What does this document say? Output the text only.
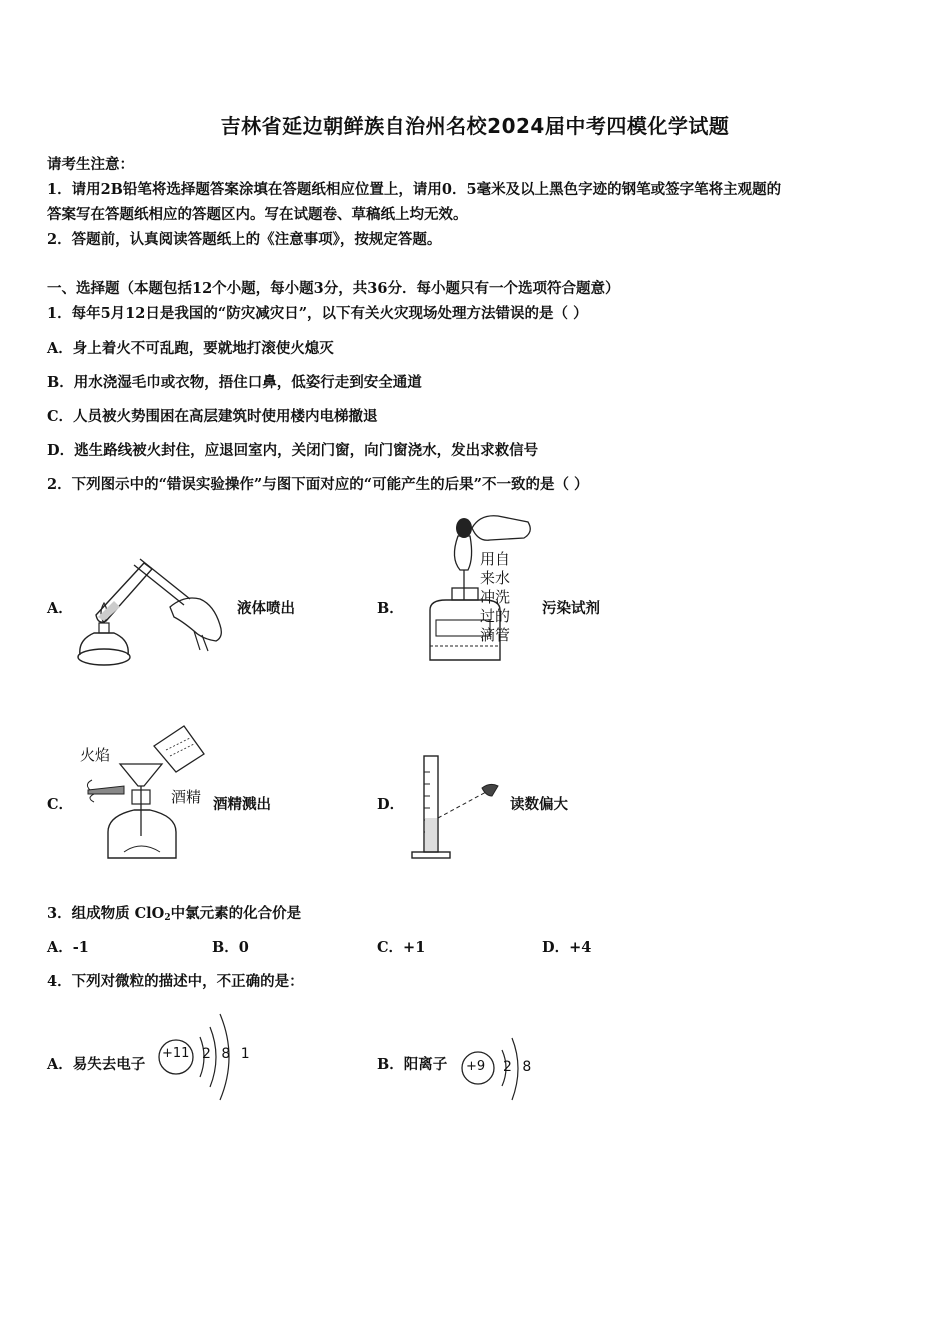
吉林省延边朝鲜族自治州名校2024届中考四模化学试题
请考生注意：
1．请用2B铅笔将选择题答案涂填在答题纸相应位置上，请用0．5毫米及以上黑色字迹的钢笔或签字笔将主观题的
答案写在答题纸相应的答题区内。写在试题卷、草稿纸上均无效。
2．答题前，认真阅读答题纸上的《注意事项》，按规定答题。
一、选择题（本题包括12个小题，每小题3分，共36分．每小题只有一个选项符合题意）
1．每年5月12日是我国的“防灾减灾日”，以下有关火灾现场处理方法错误的是（ ）
A．身上着火不可乱跑，要就地打滚使火熄灭
B．用水浇湿毛巾或衣物，捂住口鼻，低姿行走到安全通道
C．人员被火势围困在高层建筑时使用楼内电梯撤退
D．逃生路线被火封住，应退回室内，关闭门窗，向门窗浇水，发出求救信号
2．下列图示中的“错误实验操作”与图下面对应的“可能产生的后果”不一致的是（ ）
A．	液体喷出	B．
用自
来水
冲洗
过的
滴管
污染试剂
C．
火焰
酒精 酒精溅出	D．	读数偏大
3．组成物质 ClO$_2$中氯元素的化合价是
A．-1	B．0	C．+1	D．+4
4．下列对微粒的描述中，不正确的是：
A．易失去电子
+11 2 8 1
B．阳离子 +9 2 8
